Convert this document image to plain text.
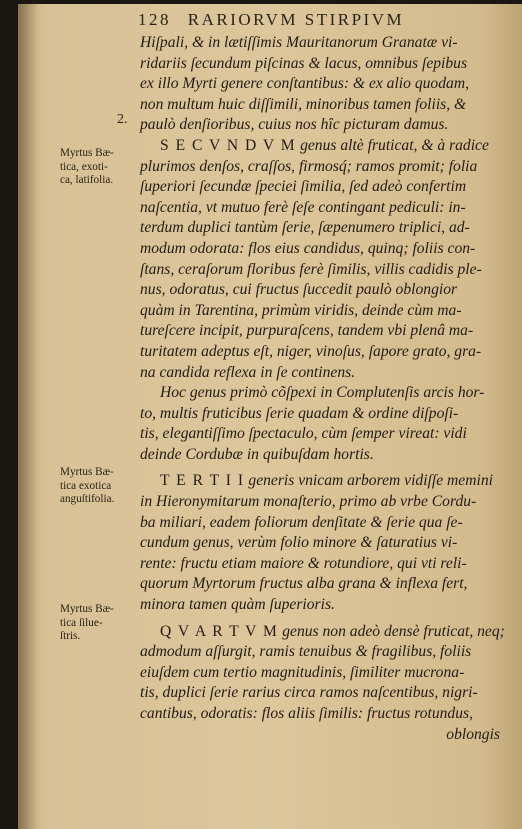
128 RARIORVM STIRPIVM
2.
Myrtus Bæ-
tica, exoti-
ca, latifolia.
Myrtus Bæ-
tica exotica
anguſtifolia.
Myrtus Bæ-
tica ſilue-
ſtris.
Hiſpali, & in lætiſſimis Mauritanorum Granatæ vi-
ridariis ſecundum piſcinas & lacus, omnibus ſepibus
ex illo Myrti genere conſtantibus: & ex alio quodam,
non multum huic diſſimili, minoribus tamen foliis, &
paulò denſioribus, cuius nos hîc picturam damus.
S E C V N D V M genus altè fruticat, & à radice
plurimos denſos, craſſos, firmosq́; ramos promit; folia
ſuperiori ſecundæ ſpeciei ſimilia, ſed adeò confertim
naſcentia, vt mutuo ferè ſeſe contingant pediculi: in-
terdum duplici tantùm ſerie, ſæpenumero triplici, ad-
modum odorata: flos eius candidus, quinq; foliis con-
ſtans, ceraſorum floribus ferè ſimilis, villis cadidis ple-
nus, odoratus, cui fructus ſuccedit paulò oblongior
quàm in Tarentina, primùm viridis, deinde cùm ma-
tureſcere incipit, purpuraſcens, tandem vbi plenâ ma-
turitatem adeptus eſt, niger, vinoſus, ſapore grato, gra-
na candida reflexa in ſe continens.
Hoc genus primò cõſpexi in Complutenſis arcis hor-
to, multis fruticibus ſerie quadam & ordine diſpoſi-
tis, elegantiſſimo ſpectaculo, cùm ſemper vireat: vidi
deinde Cordubæ in quibuſdam hortis.
T E R T I I generis vnicam arborem vidiſſe memini
in Hieronymitarum monaſterio, primo ab vrbe Cordu-
ba miliari, eadem foliorum denſitate & ſerie qua ſe-
cundum genus, verùm folio minore & ſaturatius vi-
rente: fructu etiam maiore & rotundiore, qui vti reli-
quorum Myrtorum fructus alba grana & inflexa fert,
minora tamen quàm ſuperioris.
Q V A R T V M genus non adeò densè fruticat, neq;
admodum aſſurgit, ramis tenuibus & fragilibus, foliis
eiuſdem cum tertio magnitudinis, ſimiliter mucrona-
tis, duplici ſerie rarius circa ramos naſcentibus, nigri-
cantibus, odoratis: flos aliis ſimilis: fructus rotundus,
oblongis
